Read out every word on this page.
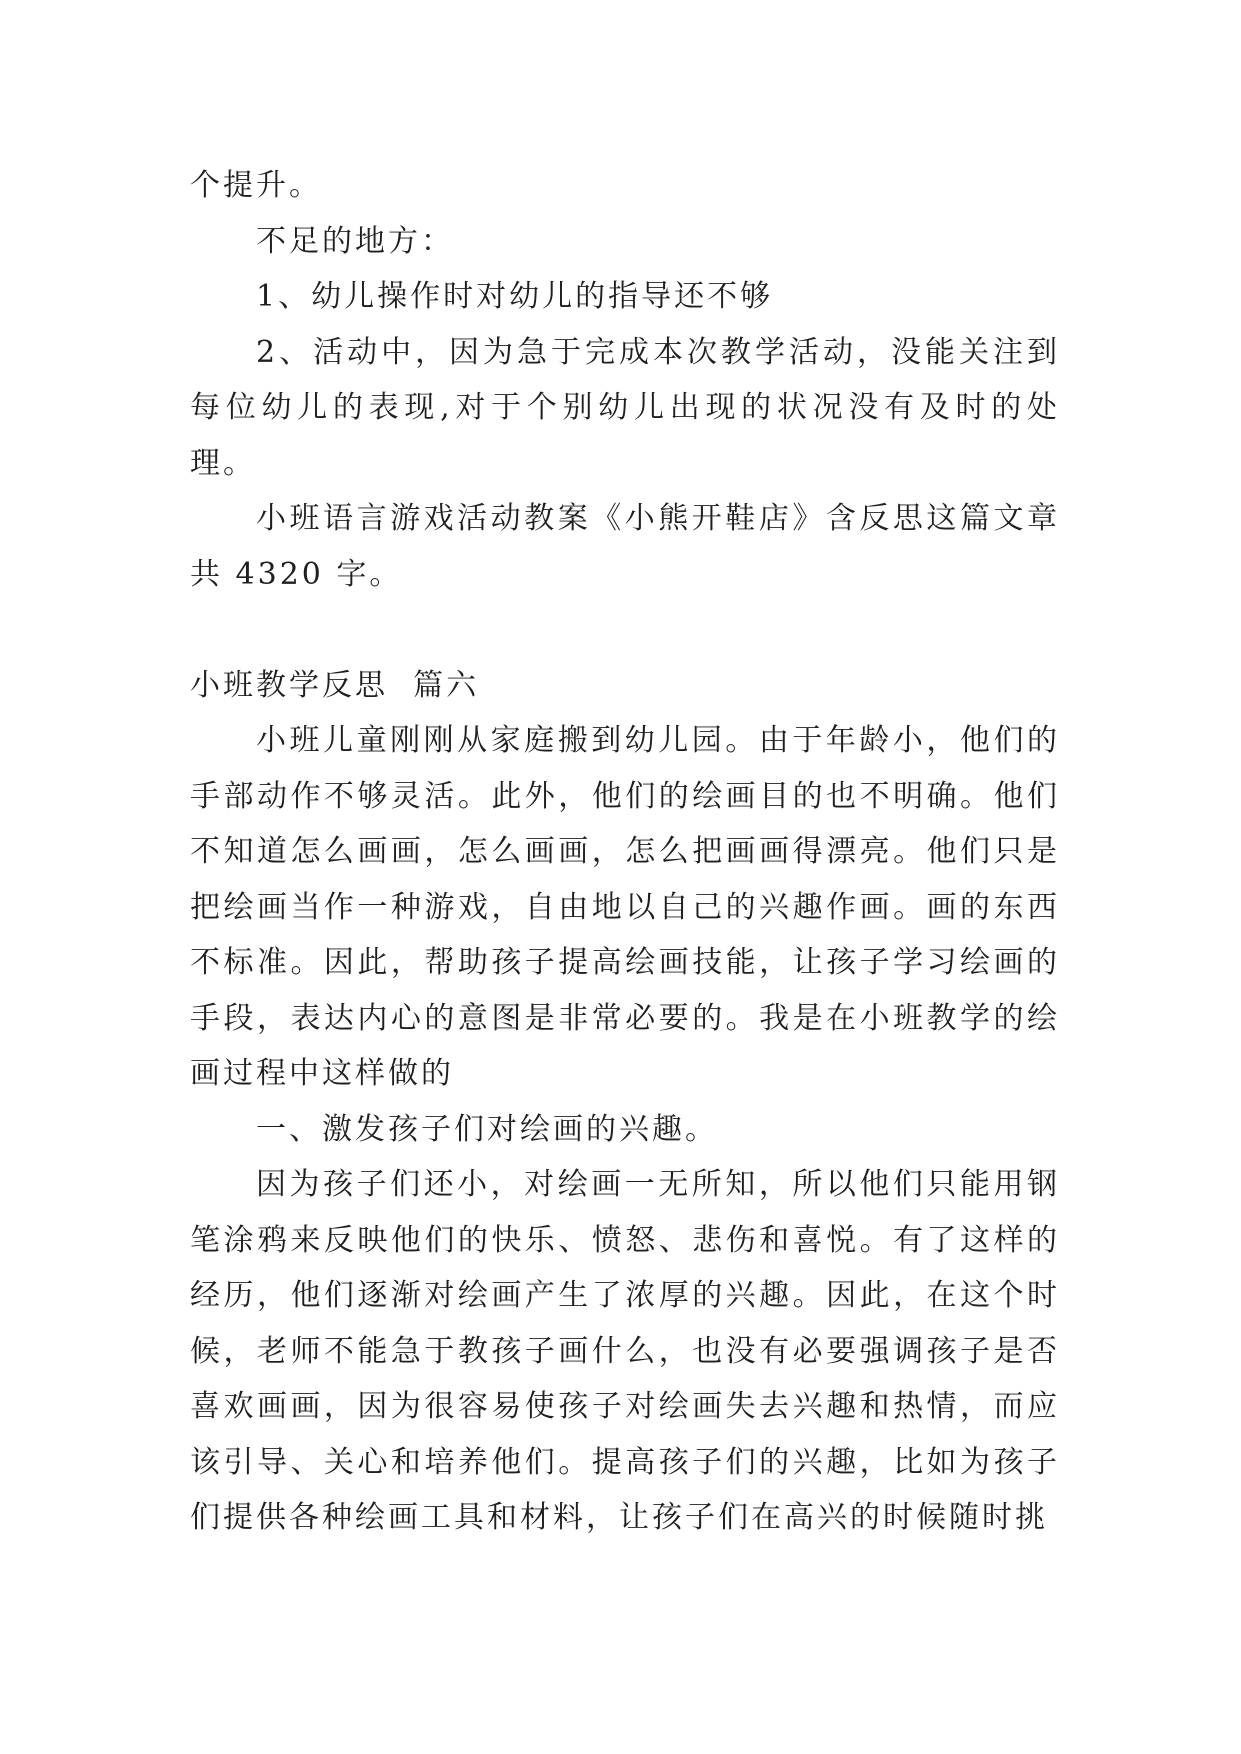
个提升。

不足的地方：

1、幼儿操作时对幼儿的指导还不够

2、活动中，因为急于完成本次教学活动，没能关注到每位幼儿的表现,对于个别幼儿出现的状况没有及时的处理。

小班语言游戏活动教案《小熊开鞋店》含反思这篇文章共 4320 字。

小班教学反思  篇六

小班儿童刚刚从家庭搬到幼儿园。由于年龄小，他们的手部动作不够灵活。此外，他们的绘画目的也不明确。他们不知道怎么画画，怎么画画，怎么把画画得漂亮。他们只是把绘画当作一种游戏，自由地以自己的兴趣作画。画的东西不标准。因此，帮助孩子提高绘画技能，让孩子学习绘画的手段，表达内心的意图是非常必要的。我是在小班教学的绘画过程中这样做的

一、激发孩子们对绘画的兴趣。

因为孩子们还小，对绘画一无所知，所以他们只能用钢笔涂鸦来反映他们的快乐、愤怒、悲伤和喜悦。有了这样的经历，他们逐渐对绘画产生了浓厚的兴趣。因此，在这个时候，老师不能急于教孩子画什么，也没有必要强调孩子是否喜欢画画，因为很容易使孩子对绘画失去兴趣和热情，而应该引导、关心和培养他们。提高孩子们的兴趣，比如为孩子们提供各种绘画工具和材料，让孩子们在高兴的时候随时挑
